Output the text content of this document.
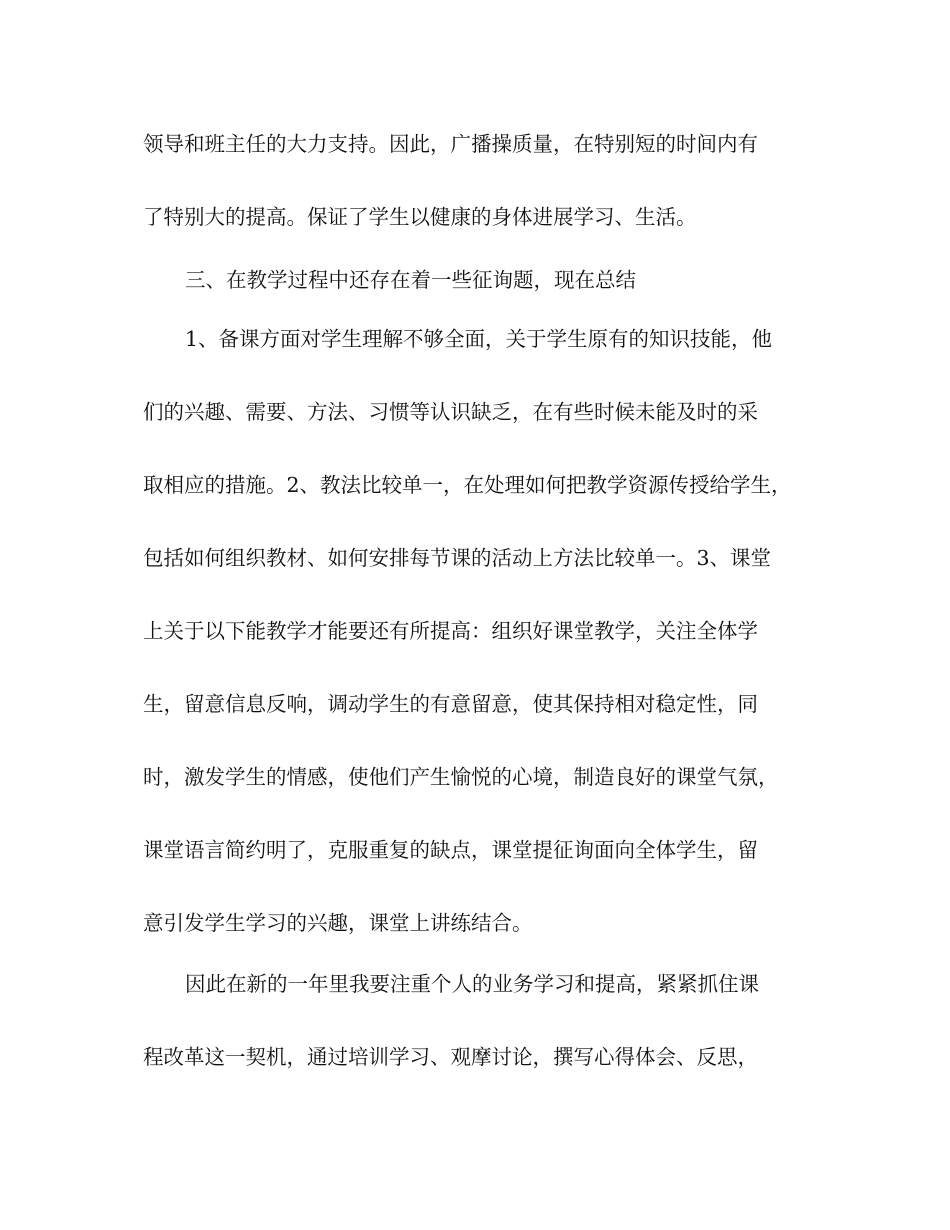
领导和班主任的大力支持。因此，广播操质量，在特别短的时间内有
了特别大的提高。保证了学生以健康的身体进展学习、生活。
三、在教学过程中还存在着一些征询题，现在总结
1、备课方面对学生理解不够全面，关于学生原有的知识技能，他
们的兴趣、需要、方法、习惯等认识缺乏，在有些时候未能及时的采
取相应的措施。2、教法比较单一，在处理如何把教学资源传授给学生，
包括如何组织教材、如何安排每节课的活动上方法比较单一。3、课堂
上关于以下能教学才能要还有所提高：组织好课堂教学，关注全体学
生，留意信息反响，调动学生的有意留意，使其保持相对稳定性，同
时，激发学生的情感，使他们产生愉悦的心境，制造良好的课堂气氛，
课堂语言简约明了，克服重复的缺点，课堂提征询面向全体学生，留
意引发学生学习的兴趣，课堂上讲练结合。
因此在新的一年里我要注重个人的业务学习和提高，紧紧抓住课
程改革这一契机，通过培训学习、观摩讨论，撰写心得体会、反思，
